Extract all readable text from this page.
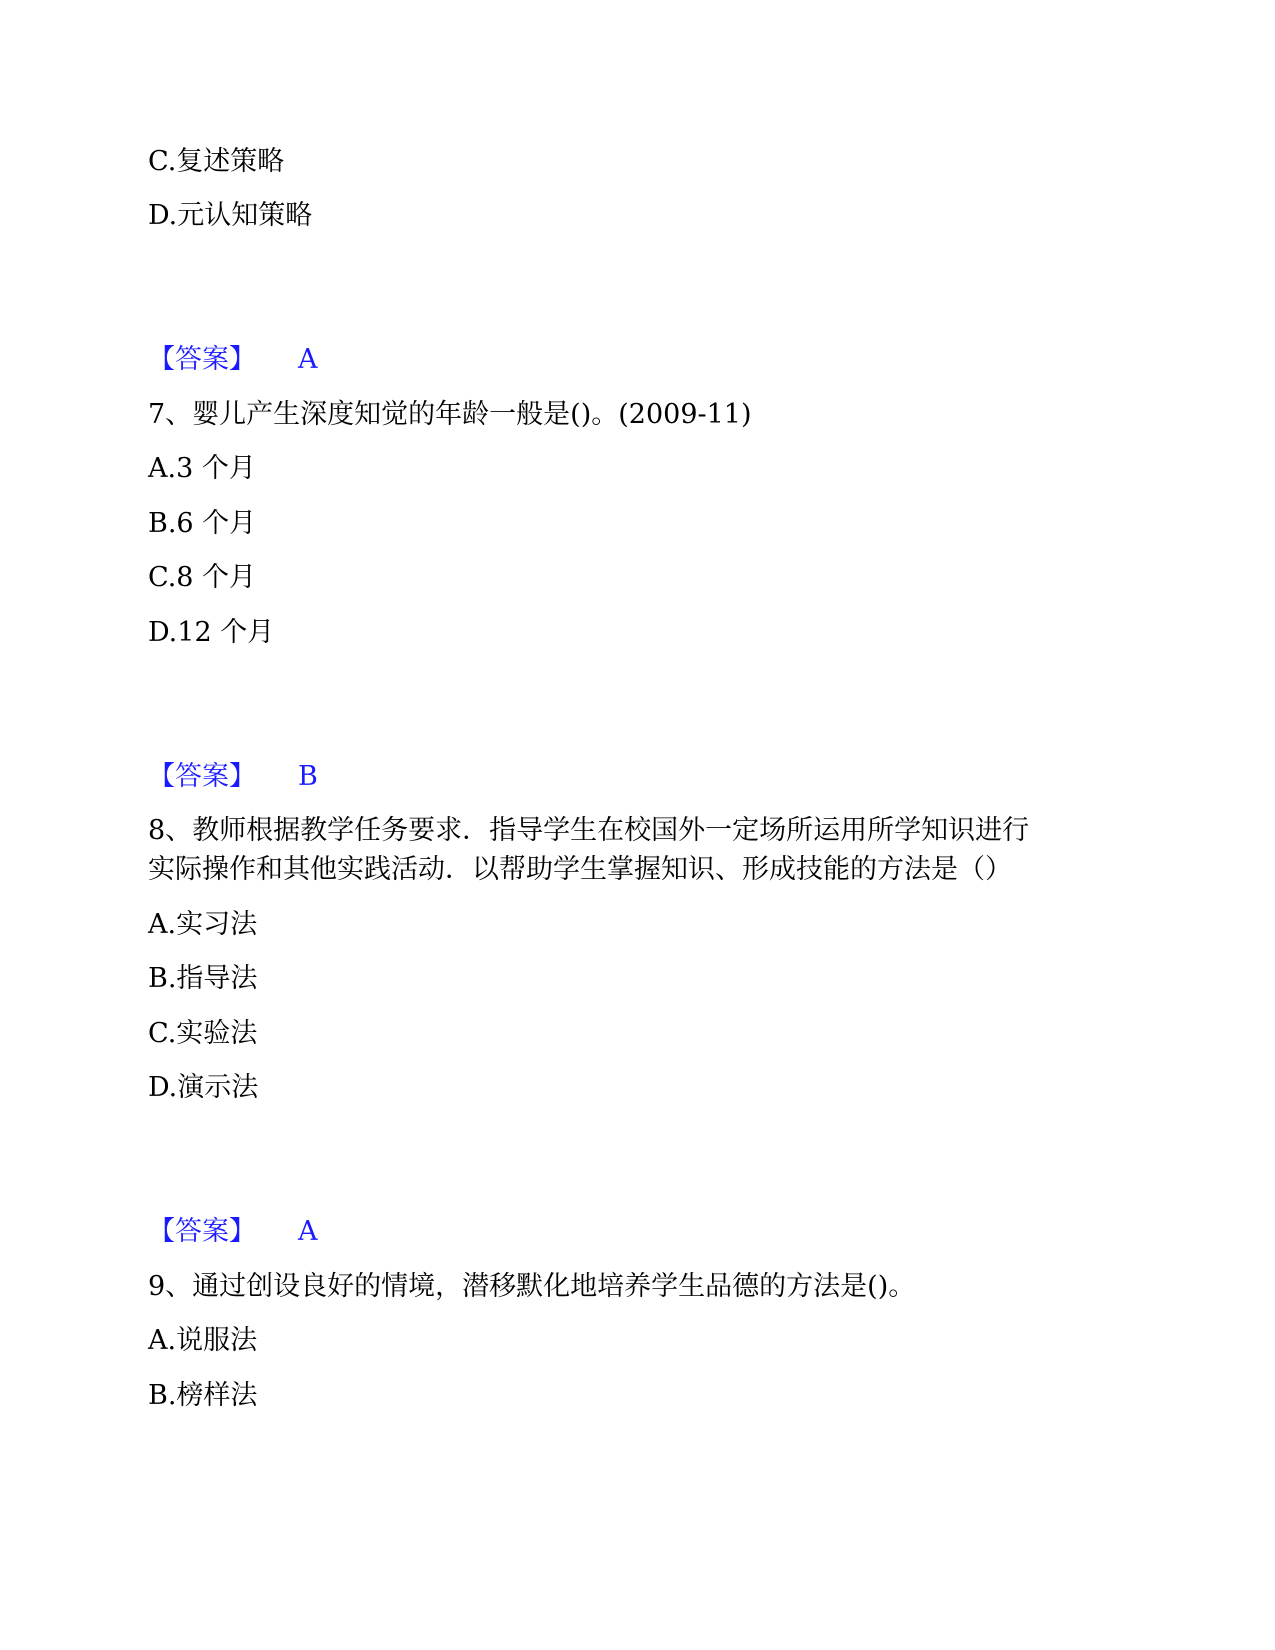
C.复述策略
D.元认知策略
【答案】 A
7、婴儿产生深度知觉的年龄一般是()。(2009-11)
A.3 个月
B.6 个月
C.8 个月
D.12 个月
【答案】 B
8、教师根据教学任务要求．指导学生在校国外一定场所运用所学知识进行
实际操作和其他实践活动．以帮助学生掌握知识、形成技能的方法是（）
A.实习法
B.指导法
C.实验法
D.演示法
【答案】 A
9、通过创设良好的情境，潜移默化地培养学生品德的方法是()。
A.说服法
B.榜样法
